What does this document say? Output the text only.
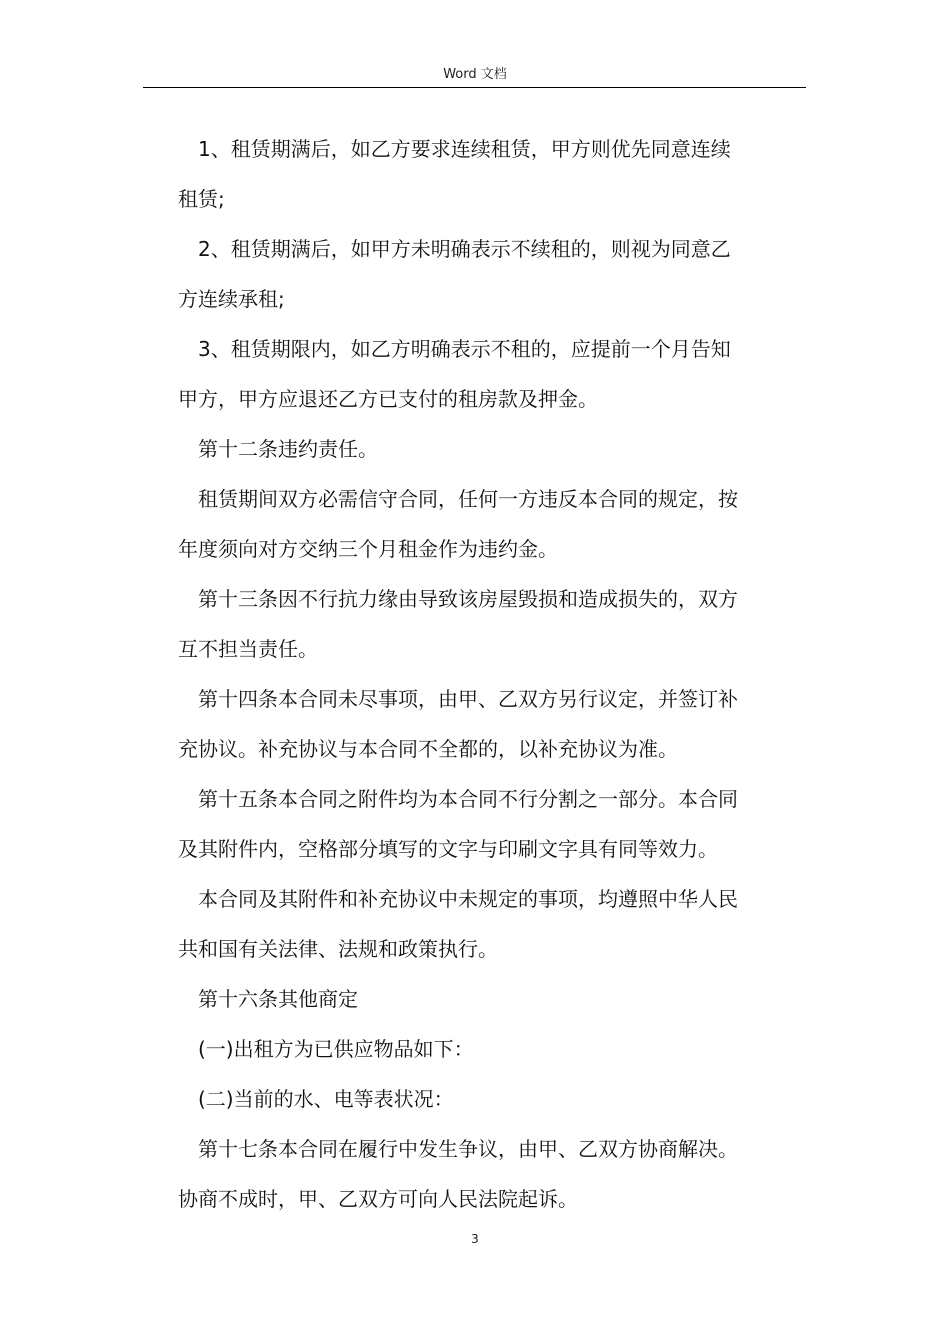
Word 文档

1、租赁期满后，如乙方要求连续租赁，甲方则优先同意连续
租赁;

2、租赁期满后，如甲方未明确表示不续租的，则视为同意乙
方连续承租;

3、租赁期限内，如乙方明确表示不租的，应提前一个月告知
甲方，甲方应退还乙方已支付的租房款及押金。

第十二条违约责任。

租赁期间双方必需信守合同，任何一方违反本合同的规定，按
年度须向对方交纳三个月租金作为违约金。

第十三条因不行抗力缘由导致该房屋毁损和造成损失的，双方
互不担当责任。

第十四条本合同未尽事项，由甲、乙双方另行议定，并签订补
充协议。补充协议与本合同不全都的，以补充协议为准。

第十五条本合同之附件均为本合同不行分割之一部分。本合同
及其附件内，空格部分填写的文字与印刷文字具有同等效力。

本合同及其附件和补充协议中未规定的事项，均遵照中华人民
共和国有关法律、法规和政策执行。

第十六条其他商定

(一)出租方为已供应物品如下：

(二)当前的水、电等表状况：

第十七条本合同在履行中发生争议，由甲、乙双方协商解决。
协商不成时，甲、乙双方可向人民法院起诉。

3
